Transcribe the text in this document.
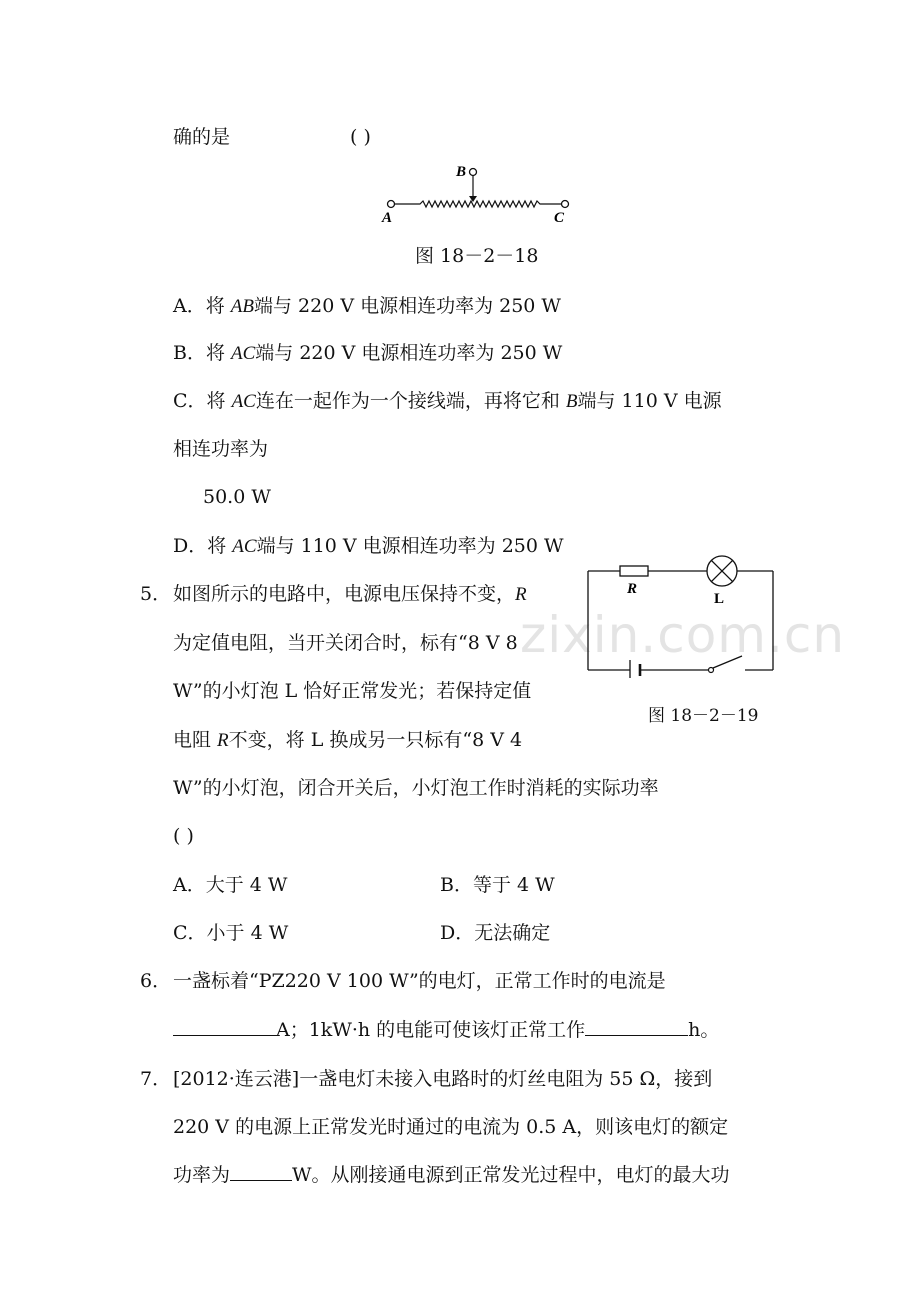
zixin.com.cn
确的是	( )
A
B
C
图 18－2－18
A．将 AB端与 220 V 电源相连功率为 250 W
B．将 AC端与 220 V 电源相连功率为 250 W
C．将 AC连在一起作为一个接线端，再将它和 B端与 110 V 电源
相连功率为
50.0 W
D．将 AC端与 110 V 电源相连功率为 250 W
5． 如图所示的电路中，电源电压保持不变，R
为定值电阻，当开关闭合时，标有“8 V 8
W”的小灯泡 L 恰好正常发光；若保持定值
电阻 R不变，将 L 换成另一只标有“8 V 4
W”的小灯泡，闭合开关后，小灯泡工作时消耗的实际功率
( )
R
L
图 18－2－19
A．大于 4 W	B．等于 4 W
C．小于 4 W	D．无法确定
6． 一盏标着“PZ220 V 100 W”的电灯，正常工作时的电流是
A；1kW·h 的电能可使该灯正常工作	h。
7． [2012·连云港]一盏电灯未接入电路时的灯丝电阻为 55 Ω，接到
220 V 的电源上正常发光时通过的电流为 0.5 A，则该电灯的额定
功率为	W。从刚接通电源到正常发光过程中，电灯的最大功
